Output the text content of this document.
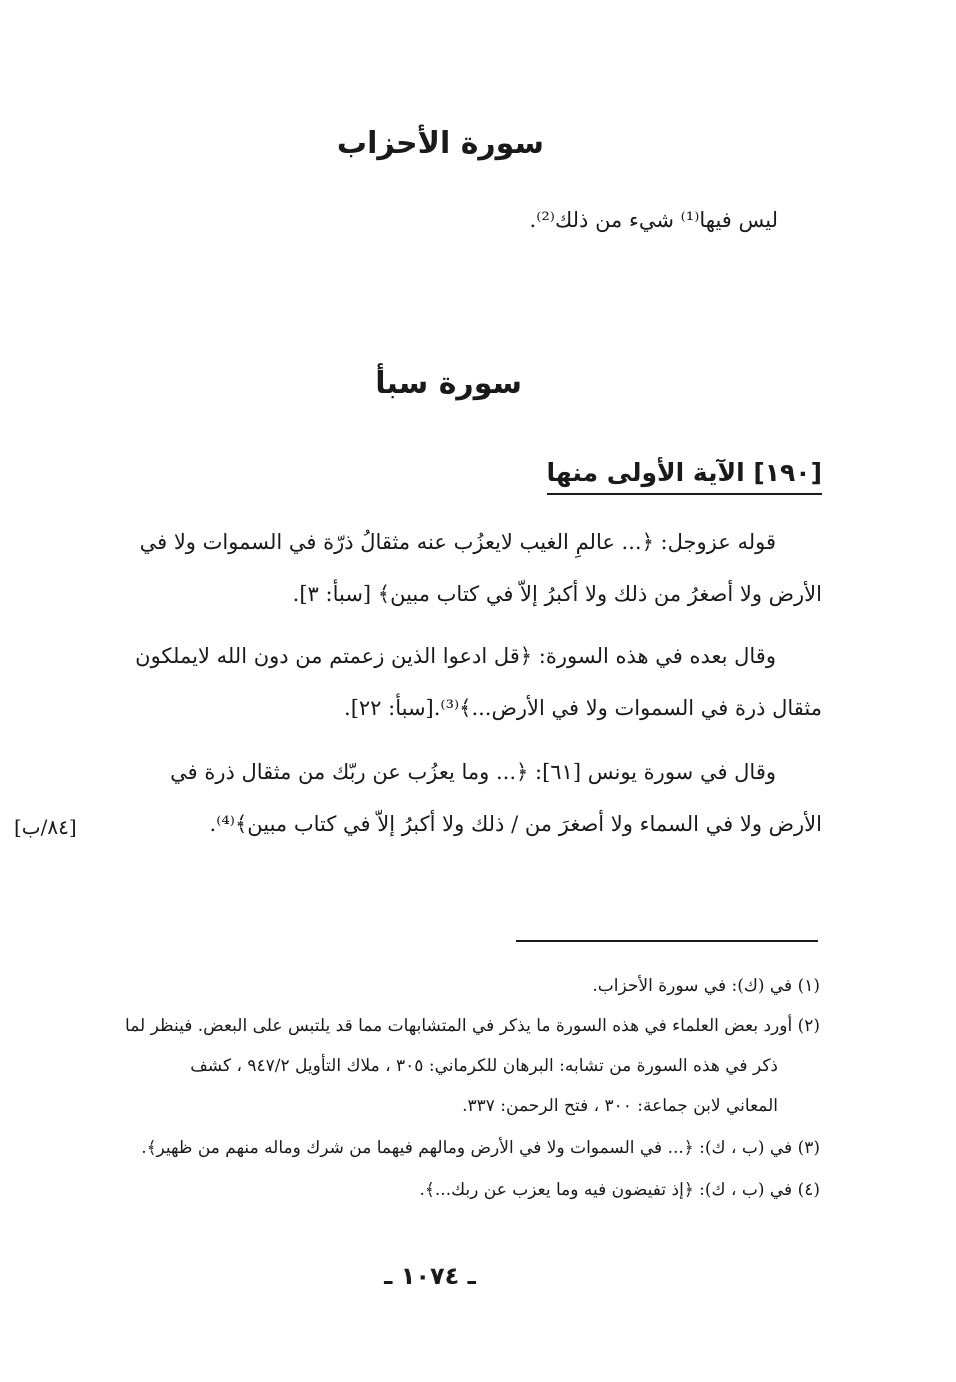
سورة الأحزاب
ليس فيها⁽¹⁾ شيء من ذلك⁽²⁾.
سورة سبأ
[١٩٠] الآية الأولى منها
قوله عزوجل: ﴿... عالمِ الغيب لايعزُب عنه مثقالُ ذرّة في السموات ولا في
الأرض ولا أصغرُ من ذلك ولا أكبرُ إلاّ في كتاب مبين﴾ [سبأ: ٣].
وقال بعده في هذه السورة: ﴿قل ادعوا الذين زعمتم من دون الله لايملكون
مثقال ذرة في السموات ولا في الأرض...﴾⁽³⁾.[سبأ: ٢٢].
وقال في سورة يونس [٦١]: ﴿... وما يعزُب عن ربّك من مثقال ذرة في
الأرض ولا في السماء ولا أصغرَ من / ذلك ولا أكبرُ إلاّ في كتاب مبين﴾⁽⁴⁾.
[٨٤/ب]
(١) في (ك): في سورة الأحزاب.
(٢) أورد بعض العلماء في هذه السورة ما يذكر في المتشابهات مما قد يلتبس على البعض. فينظر لما
ذكر في هذه السورة من تشابه: البرهان للكرماني: ٣٠٥ ، ملاك التأويل ٩٤٧/٢ ، كشف
المعاني لابن جماعة: ٣٠٠ ، فتح الرحمن: ٣٣٧.
(٣) في (ب ، ك): ﴿... في السموات ولا في الأرض ومالهم فيهما من شرك وماله منهم من ظهير﴾.
(٤) في (ب ، ك): ﴿إذ تفيضون فيه وما يعزب عن ربك...﴾.
ـ ١٠٧٤ ـ
